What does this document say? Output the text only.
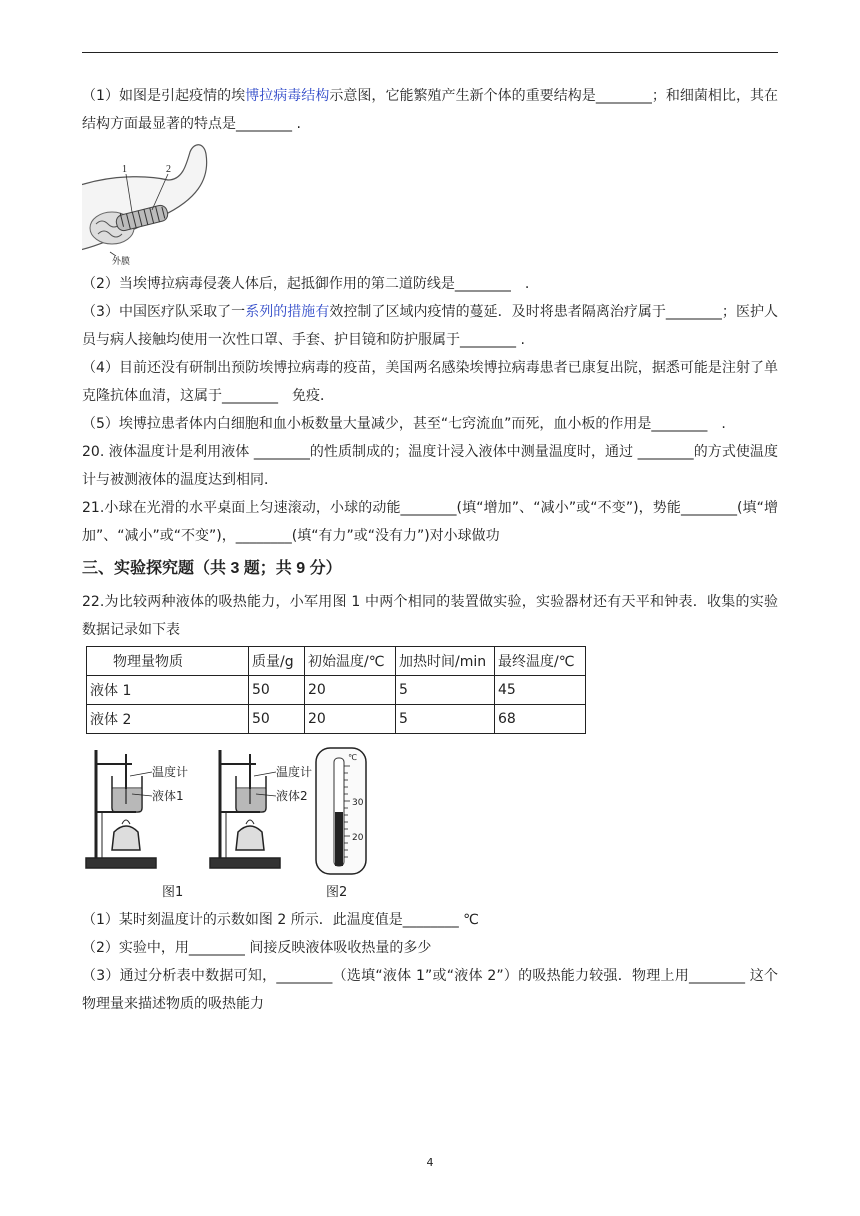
（1）如图是引起疫情的埃博拉病毒结构示意图，它能繁殖产生新个体的重要结构是________；和细菌相比，其在结构方面最显著的特点是________ .

1	2
外膜

（2）当埃博拉病毒侵袭人体后，起抵御作用的第二道防线是________　.

（3）中国医疗队采取了一系列的措施有效控制了区域内疫情的蔓延．及时将患者隔离治疗属于________；医护人员与病人接触均使用一次性口罩、手套、护目镜和防护服属于________ .

（4）目前还没有研制出预防埃博拉病毒的疫苗，美国两名感染埃博拉病毒患者已康复出院，据悉可能是注射了单克隆抗体血清，这属于________　免疫．

（5）埃博拉患者体内白细胞和血小板数量大量减少，甚至“七窍流血”而死，血小板的作用是________　.

20. 液体温度计是利用液体 ________的性质制成的；温度计浸入液体中测量温度时，通过 ________的方式使温度计与被测液体的温度达到相同．

21.小球在光滑的水平桌面上匀速滚动，小球的动能________(填“增加”、“减小”或“不变”)，势能________(填“增加”、“减小”或“不变”)，________(填“有力”或“没有力”)对小球做功

三、实验探究题（共 3 题；共 9 分）

22.为比较两种液体的吸热能力，小军用图 1 中两个相同的装置做实验，实验器材还有天平和钟表．收集的实验数据记录如下表

物理量物质	质量/g	初始温度/℃	加热时间/min	最终温度/℃
液体 1	50	20	5	45
液体 2	50	20	5	68
温度计
液体1
图1
温度计
液体2
℃
30
20
图2

（1）某时刻温度计的示数如图 2 所示．此温度值是________ ℃

（2）实验中，用________ 间接反映液体吸收热量的多少

（3）通过分析表中数据可知，________（选填“液体 1”或“液体 2”）的吸热能力较强．物理上用________ 这个物理量来描述物质的吸热能力

4
